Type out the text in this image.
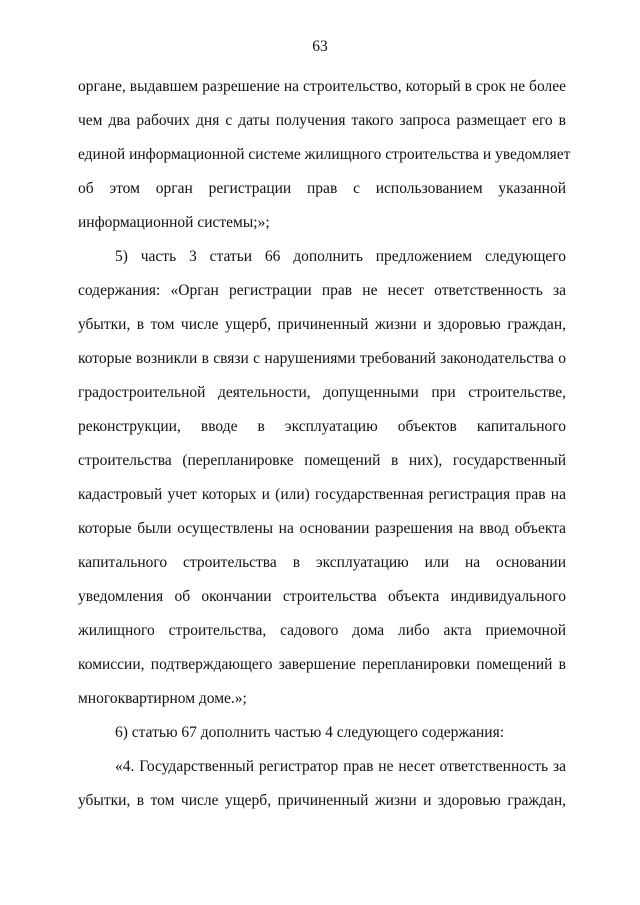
63
органе, выдавшем разрешение на строительство, который в срок не более
чем два рабочих дня с даты получения такого запроса размещает его в
единой информационной системе жилищного строительства и уведомляет
об этом орган регистрации прав с использованием указанной
информационной системы;»;
5) часть 3 статьи 66 дополнить предложением следующего
содержания: «Орган регистрации прав не несет ответственность за
убытки, в том числе ущерб, причиненный жизни и здоровью граждан,
которые возникли в связи с нарушениями требований законодательства о
градостроительной деятельности, допущенными при строительстве,
реконструкции, вводе в эксплуатацию объектов капитального
строительства (перепланировке помещений в них), государственный
кадастровый учет которых и (или) государственная регистрация прав на
которые были осуществлены на основании разрешения на ввод объекта
капитального строительства в эксплуатацию или на основании
уведомления об окончании строительства объекта индивидуального
жилищного строительства, садового дома либо акта приемочной
комиссии, подтверждающего завершение перепланировки помещений в
многоквартирном доме.»;
6) статью 67 дополнить частью 4 следующего содержания:
«4. Государственный регистратор прав не несет ответственность за
убытки, в том числе ущерб, причиненный жизни и здоровью граждан,
